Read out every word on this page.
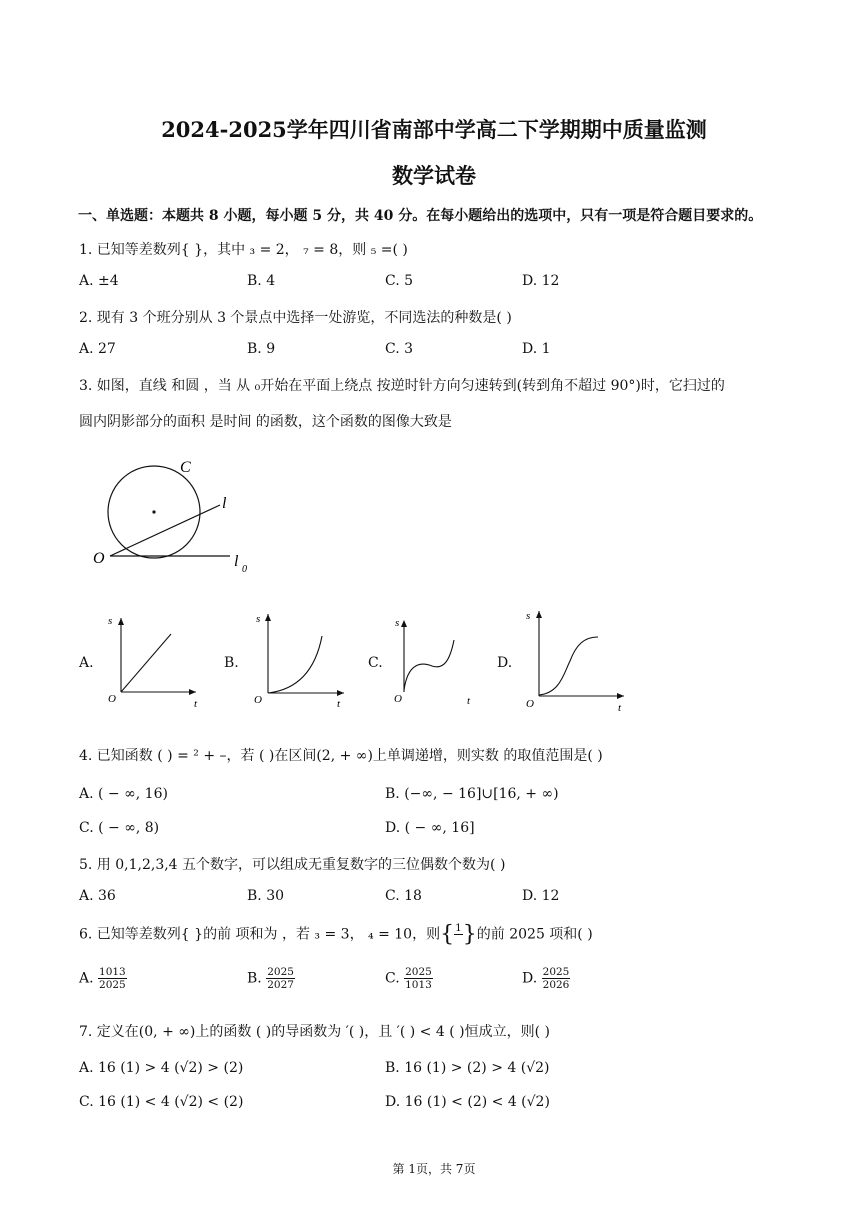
2024-2025学年四川省南部中学高二下学期期中质量监测
数学试卷
一、单选题：本题共 8 小题，每小题 5 分，共 40 分。在每小题给出的选项中，只有一项是符合题目要求的。
1. 已知等差数列{ }，其中 ₃ = 2， ₇ = 8，则 ₅ =( )
A. ±4	B. 4	C. 5	D. 12
2. 现有 3 个班分别从 3 个景点中选择一处游览，不同选法的种数是( )
A. 27	B. 9	C. 3	D. 1
3. 如图，直线 和圆 ，当 从 ₀开始在平面上绕点 按逆时针方向匀速转到(转到角不超过 90°)时，它扫过的
圆内阴影部分的面积 是时间 的函数，这个函数的图像大致是
C
l
l 0
O
A.
s
t
O
B.
s
t
O
C.
s
t
O
D.
s
t
O
4. 已知函数 ( ) = ² + –，若 ( )在区间(2, + ∞)上单调递增，则实数 的取值范围是( )
A. ( − ∞, 16)	B. (−∞, − 16]∪[16, + ∞)
C. ( − ∞, 8)	D. ( − ∞, 16]
5. 用 0,1,2,3,4 五个数字，可以组成无重复数字的三位偶数个数为( )
A. 36	B. 30	C. 18	D. 12
6. 已知等差数列{ }的前 项和为 ，若 ₃ = 3， ₄ = 10，则{ 1
}的前 2025 项和( )
A. $\frac{1013}{2025}$	B. $\frac{2025}{2027}$	C. $\frac{2025}{1013}$	D. $\frac{2025}{2026}$
7. 定义在(0, + ∞)上的函数 ( )的导函数为 ′( )，且 ′( ) < 4 ( )恒成立，则( )
A. 16 (1) > 4 (√2) > (2)	B. 16 (1) > (2) > 4 (√2)
C. 16 (1) < 4 (√2) < (2)	D. 16 (1) < (2) < 4 (√2)
第 1页，共 7页
